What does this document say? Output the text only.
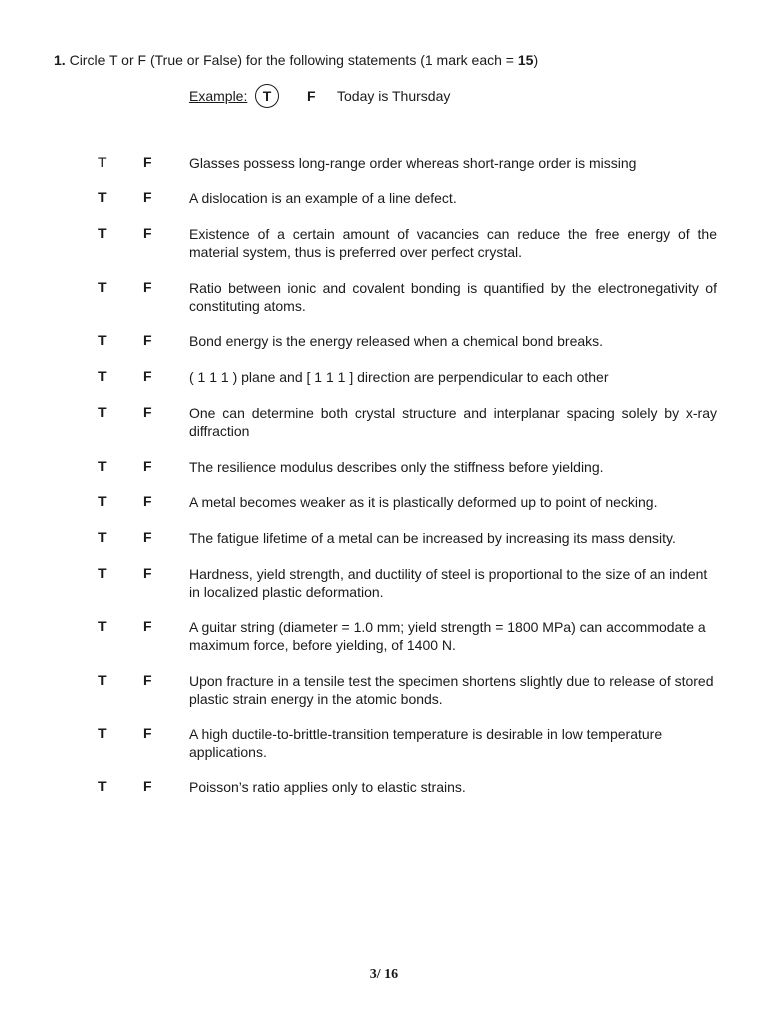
1. Circle T or F (True or False) for the following statements (1 mark each = 15)
Example:	T	F Today is Thursday
T	F	Glasses possess long-range order whereas short-range order is missing
T	F	A dislocation is an example of a line defect.
T	F	Existence of a certain amount of vacancies can reduce the free energy of the material system, thus is preferred over perfect crystal.
T	F	Ratio between ionic and covalent bonding is quantified by the electronegativity of constituting atoms.
T	F	Bond energy is the energy released when a chemical bond breaks.
T	F	( 1 1 1 ) plane and [ 1 1 1 ] direction are perpendicular to each other
T	F	One can determine both crystal structure and interplanar spacing solely by x-ray diffraction
T	F	The resilience modulus describes only the stiffness before yielding.
T	F	A metal becomes weaker as it is plastically deformed up to point of necking.
T	F	The fatigue lifetime of a metal can be increased by increasing its mass density.
T	F	Hardness, yield strength, and ductility of steel is proportional to the size of an indent in localized plastic deformation.
T	F	A guitar string (diameter = 1.0 mm; yield strength = 1800 MPa) can accommodate a maximum force, before yielding, of 1400 N.
T	F	Upon fracture in a tensile test the specimen shortens slightly due to release of stored plastic strain energy in the atomic bonds.
T	F	A high ductile-to-brittle-transition temperature is desirable in low temperature applications.
T	F	Poisson’s ratio applies only to elastic strains.
3/ 16
